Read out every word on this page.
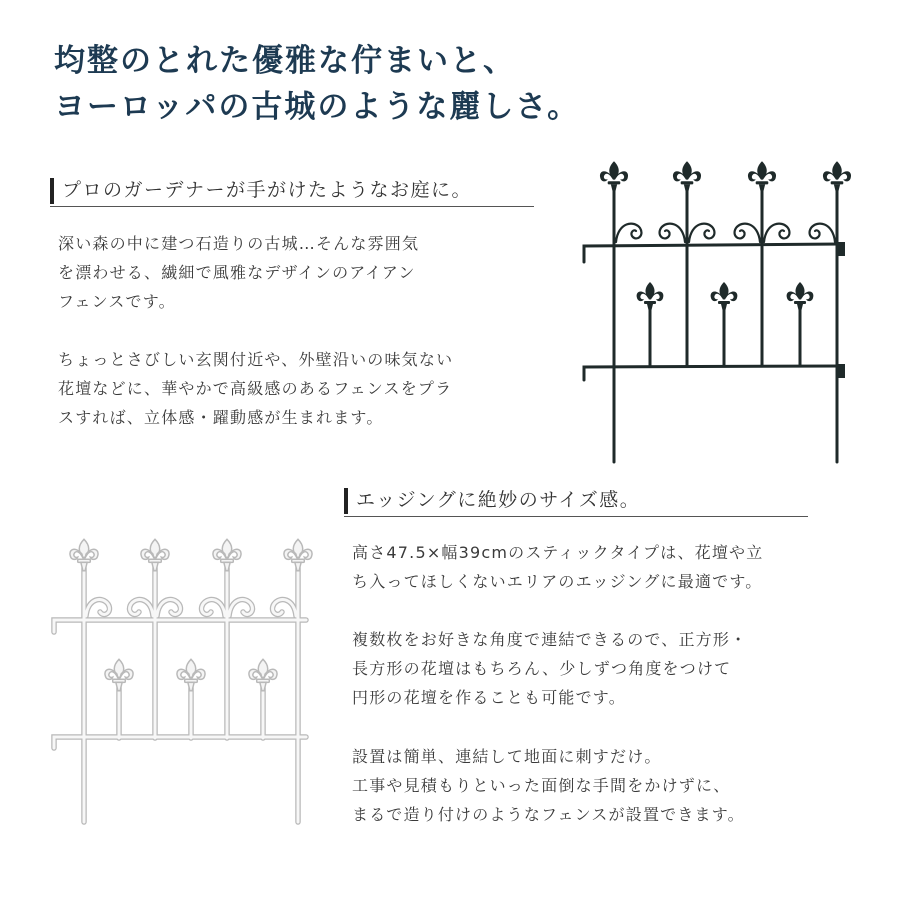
均整のとれた優雅な佇まいと、
ヨーロッパの古城のような麗しさ。
プロのガーデナーが手がけたようなお庭に。

深い森の中に建つ石造りの古城…そんな雰囲気
を漂わせる、繊細で風雅なデザインのアイアン
フェンスです。

ちょっとさびしい玄関付近や、外壁沿いの味気ない
花壇などに、華やかで高級感のあるフェンスをプラ
スすれば、立体感・躍動感が生まれます。

エッジングに絶妙のサイズ感。

高さ47.5×幅39cmのスティックタイプは、花壇や立
ち入ってほしくないエリアのエッジングに最適です。

複数枚をお好きな角度で連結できるので、正方形・
長方形の花壇はもちろん、少しずつ角度をつけて
円形の花壇を作ることも可能です。

設置は簡単、連結して地面に刺すだけ。
工事や見積もりといった面倒な手間をかけずに、
まるで造り付けのようなフェンスが設置できます。
